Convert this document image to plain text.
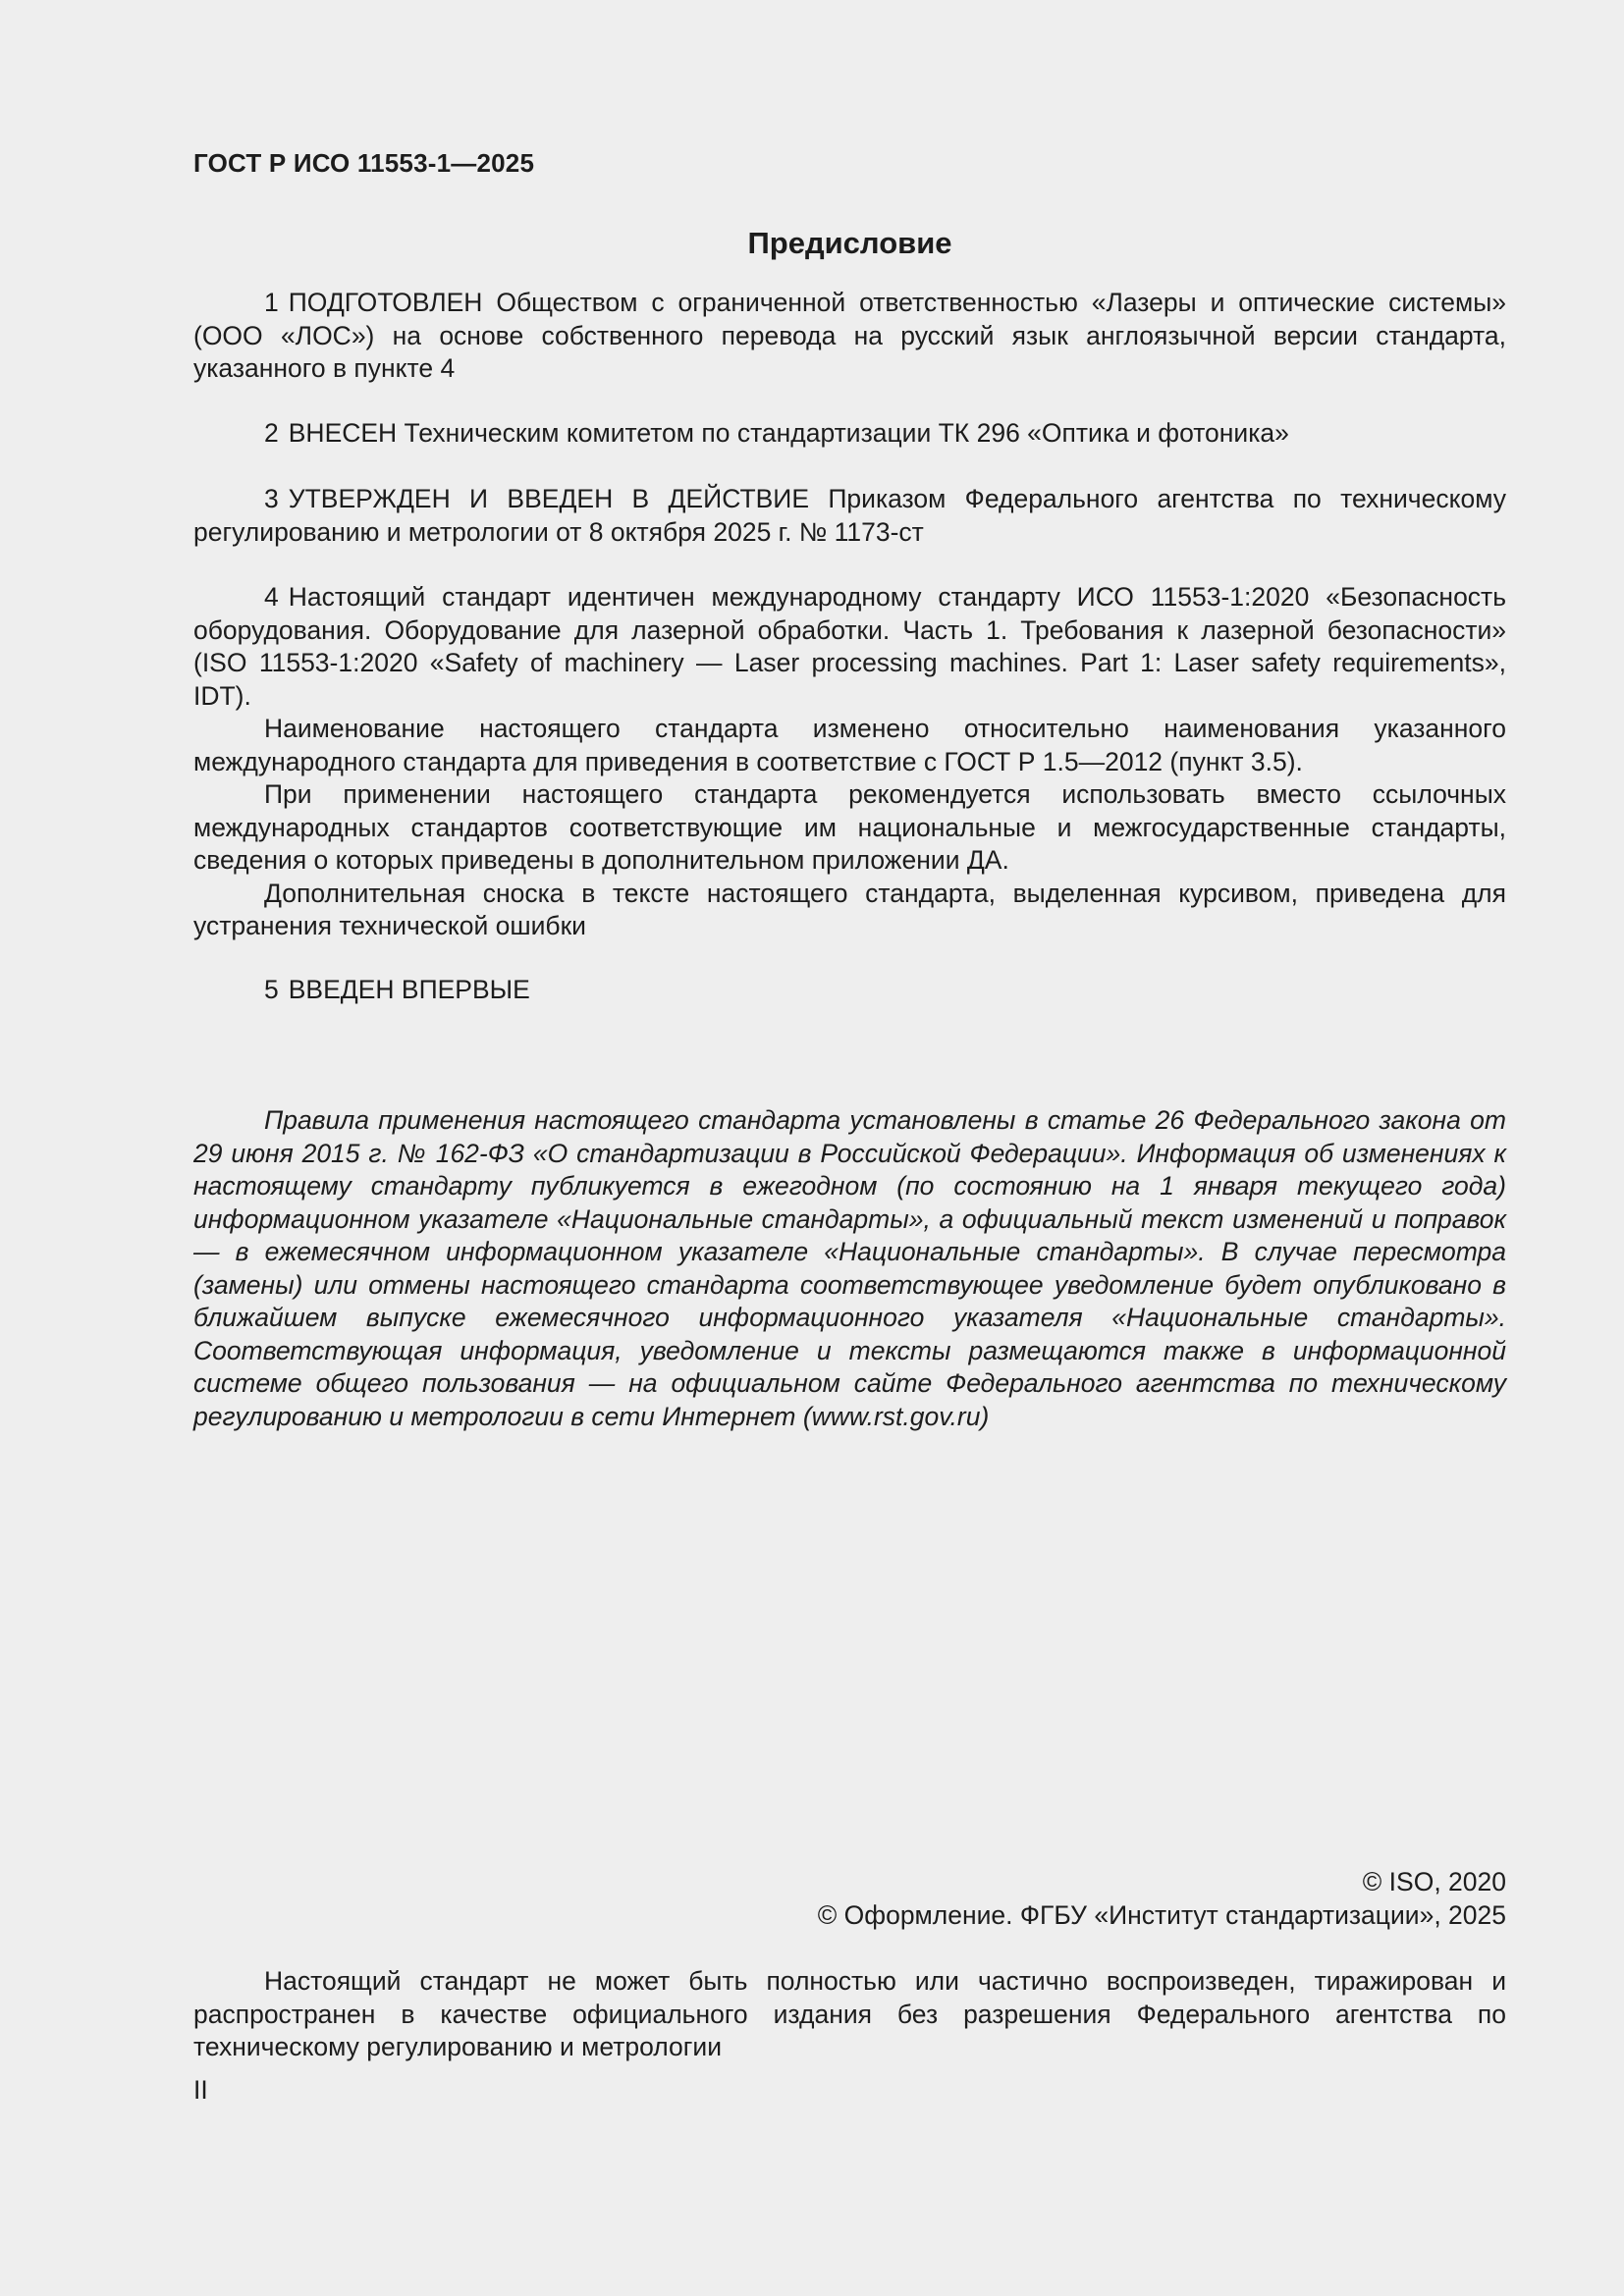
ГОСТ Р ИСО 11553-1—2025
Предисловие

1 ПОДГОТОВЛЕН Обществом с ограниченной ответственностью «Лазеры и оптические системы» (ООО «ЛОС») на основе собственного перевода на русский язык англоязычной версии стандарта, указанного в пункте 4

2 ВНЕСЕН Техническим комитетом по стандартизации ТК 296 «Оптика и фотоника»

3 УТВЕРЖДЕН И ВВЕДЕН В ДЕЙСТВИЕ Приказом Федерального агентства по техническому регулированию и метрологии от 8 октября 2025 г. № 1173-ст

4 Настоящий стандарт идентичен международному стандарту ИСО 11553-1:2020 «Безопасность оборудования. Оборудование для лазерной обработки. Часть 1. Требования к лазерной безопасности» (ISO 11553-1:2020 «Safety of machinery — Laser processing machines. Part 1: Laser safety requirements», IDT).

Наименование настоящего стандарта изменено относительно наименования указанного международного стандарта для приведения в соответствие с ГОСТ Р 1.5—2012 (пункт 3.5).

При применении настоящего стандарта рекомендуется использовать вместо ссылочных международных стандартов соответствующие им национальные и межгосударственные стандарты, сведения о которых приведены в дополнительном приложении ДА.

Дополнительная сноска в тексте настоящего стандарта, выделенная курсивом, приведена для устранения технической ошибки

5 ВВЕДЕН ВПЕРВЫЕ

Правила применения настоящего стандарта установлены в статье 26 Федерального закона от 29 июня 2015 г. № 162-ФЗ «О стандартизации в Российской Федерации». Информация об изменениях к настоящему стандарту публикуется в ежегодном (по состоянию на 1 января текущего года) информационном указателе «Национальные стандарты», а официальный текст изменений и поправок — в ежемесячном информационном указателе «Национальные стандарты». В случае пересмотра (замены) или отмены настоящего стандарта соответствующее уведомление будет опубликовано в ближайшем выпуске ежемесячного информационного указателя «Национальные стандарты». Соответствующая информация, уведомление и тексты размещаются также в информационной системе общего пользования — на официальном сайте Федерального агентства по техническому регулированию и метрологии в сети Интернет (www.rst.gov.ru)

© ISO, 2020
© Оформление. ФГБУ «Институт стандартизации», 2025

Настоящий стандарт не может быть полностью или частично воспроизведен, тиражирован и распространен в качестве официального издания без разрешения Федерального агентства по техническому регулированию и метрологии

II
